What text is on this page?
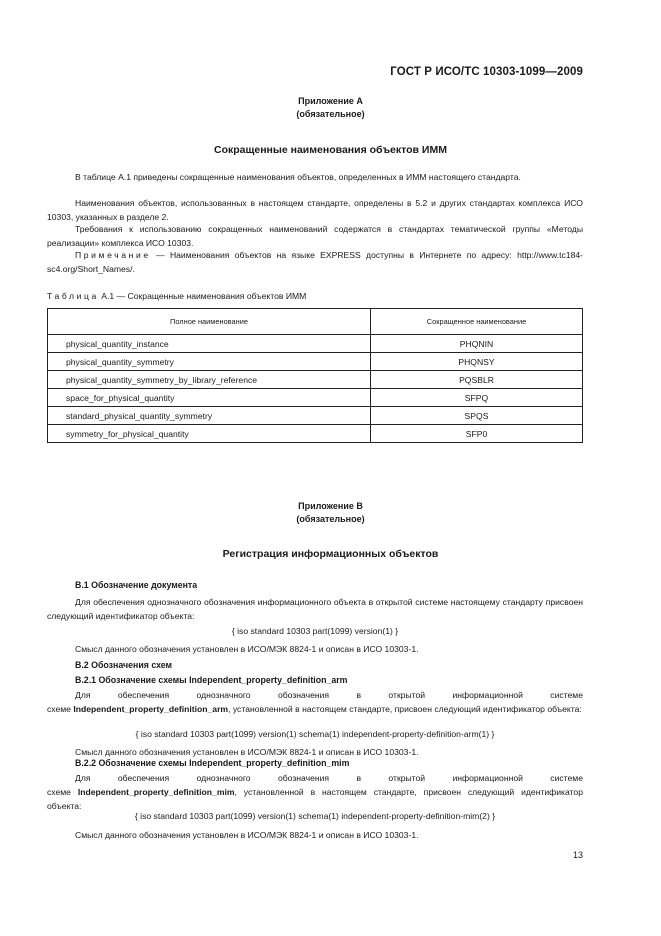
ГОСТ Р ИСО/ТС 10303-1099—2009
Приложение А
(обязательное)
Сокращенные наименования объектов ИММ
В таблице А.1 приведены сокращенные наименования объектов, определенных в ИММ настоящего стандарта.
Наименования объектов, использованных в настоящем стандарте, определены в 5.2 и других стандартах комплекса ИСО 10303, указанных в разделе 2.
Требования к использованию сокращенных наименований содержатся в стандартах тематической группы «Методы реализации» комплекса ИСО 10303.
Примечание — Наименования объектов на языке EXPRESS доступны в Интернете по адресу: http://www.tc184-sc4.org/Short_Names/.
Таблица А.1 — Сокращенные наименования объектов ИММ
Полное наименование	Сокращенное наименование
physical_quantity_instance	PHQNIN
physical_quantity_symmetry	PHQNSY
physical_quantity_symmetry_by_library_reference	PQSBLR
space_for_physical_quantity	SFPQ
standard_physical_quantity_symmetry	SPQS
symmetry_for_physical_quantity	SFP0
Приложение В
(обязательное)
Регистрация информационных объектов
В.1 Обозначение документа
Для обеспечения однозначного обозначения информационного объекта в открытой системе настоящему стандарту присвоен следующий идентификатор объекта:
{ iso standard 10303 part(1099) version(1) }
Смысл данного обозначения установлен в ИСО/МЭК 8824-1 и описан в ИСО 10303-1.
В.2 Обозначения схем
В.2.1 Обозначение схемы Independent_property_definition_arm
Для обеспечения однозначного обозначения в открытой информационной системе схеме Independent_property_definition_arm, установленной в настоящем стандарте, присвоен следующий идентификатор объекта:
{ iso standard 10303 part(1099) version(1) schema(1) independent-property-definition-arm(1) }
Смысл данного обозначения установлен в ИСО/МЭК 8824-1 и описан в ИСО 10303-1.
В.2.2 Обозначение схемы Independent_property_definition_mim
Для обеспечения однозначного обозначения в открытой информационной системе схеме Independent_property_definition_mim, установленной в настоящем стандарте, присвоен следующий идентификатор объекта:
{ iso standard 10303 part(1099) version(1) schema(1) independent-property-definition-mim(2) }
Смысл данного обозначения установлен в ИСО/МЭК 8824-1 и описан в ИСО 10303-1.
13
